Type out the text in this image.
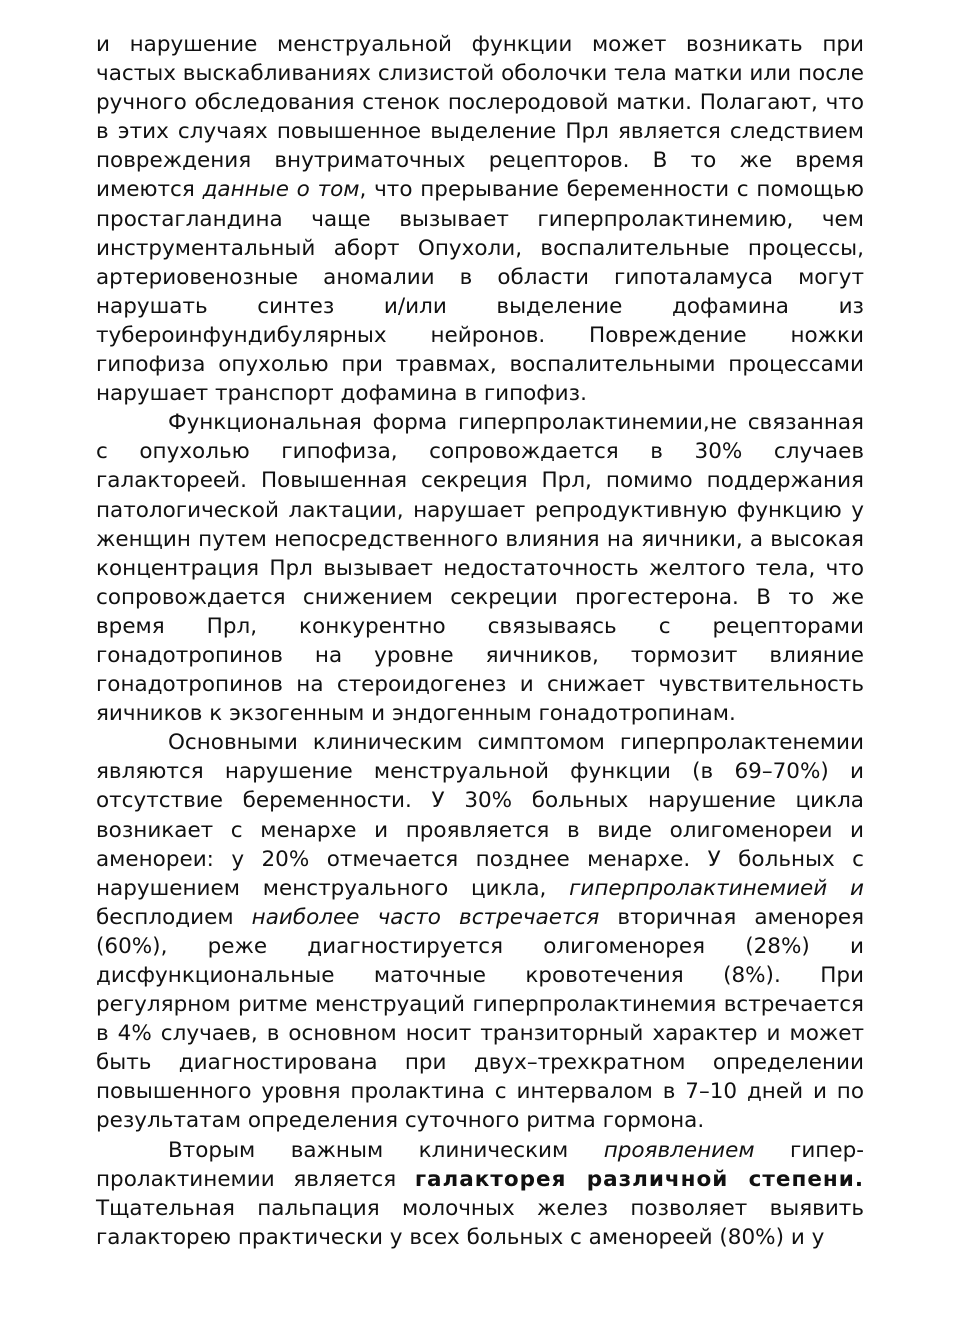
и нарушение менструальной функции может возникать при частых выскабливаниях слизистой оболочки тела матки или после ручного обследования стенок послеродовой матки. Полагают, что в этих случаях повышенное выделение Прл является следствием повреждения внутриматочных рецепторов. В то же время имеются данные о том, что прерывание беременности с помощью простагландина чаще вызывает гиперпролактинемию, чем инструментальный аборт Опухоли, воспалительные процессы, артериовенозные аномалии в области гипоталамуса могут нарушать синтез и/или выделение дофамина из тубероинфундибулярных нейронов. Повреждение ножки гипофиза опухолью при травмах, воспалительными процессами нарушает транспорт дофамина в гипофиз.

Функциональная форма гиперпролактинемии,не связанная с опухолью гипофиза, сопровождается в 30% случаев галактореей. Повышенная секреция Прл, помимо поддержания патологической лактации, нарушает репродуктивную функцию у женщин путем непосредственного влияния на яичники, а высокая концентрация Прл вызывает недостаточность желтого тела, что сопровождается снижением секреции прогестерона. В то же время Прл, конкурентно связываясь с рецепторами гонадотропинов на уровне яичников, тормозит влияние гонадотропинов на стероидогенез и снижает чувствительность яичников к экзогенным и эндогенным гонадотропинам.

Основными клиническим симптомом гиперпролактенемии являются нарушение менструальной функции (в 69–70%) и отсутствие беременности. У 30% больных нарушение цикла возникает с менархе и проявляется в виде олигоменореи и аменореи: у 20% отмечается позднее менархе. У больных с нарушением менструального цикла, гиперпролактинемией и бесплодием наиболее часто встречается вторичная аменорея (60%), реже диагностируется олигоменорея (28%) и дисфункциональные маточные кровотечения (8%). При регулярном ритме менструаций гиперпролактинемия встречается в 4% случаев, в основном носит транзиторный характер и может быть диагностирована при двух–трехкратном определении повышенного уровня пролактина с интервалом в 7–10 дней и по результатам определения суточного ритма гормона.

Вторым важным клиническим проявлением гипер-пролактинемии является галакторея различной степени. Тщательная пальпация молочных желез позволяет выявить галакторею практически у всех больных с аменореей (80%) и у
